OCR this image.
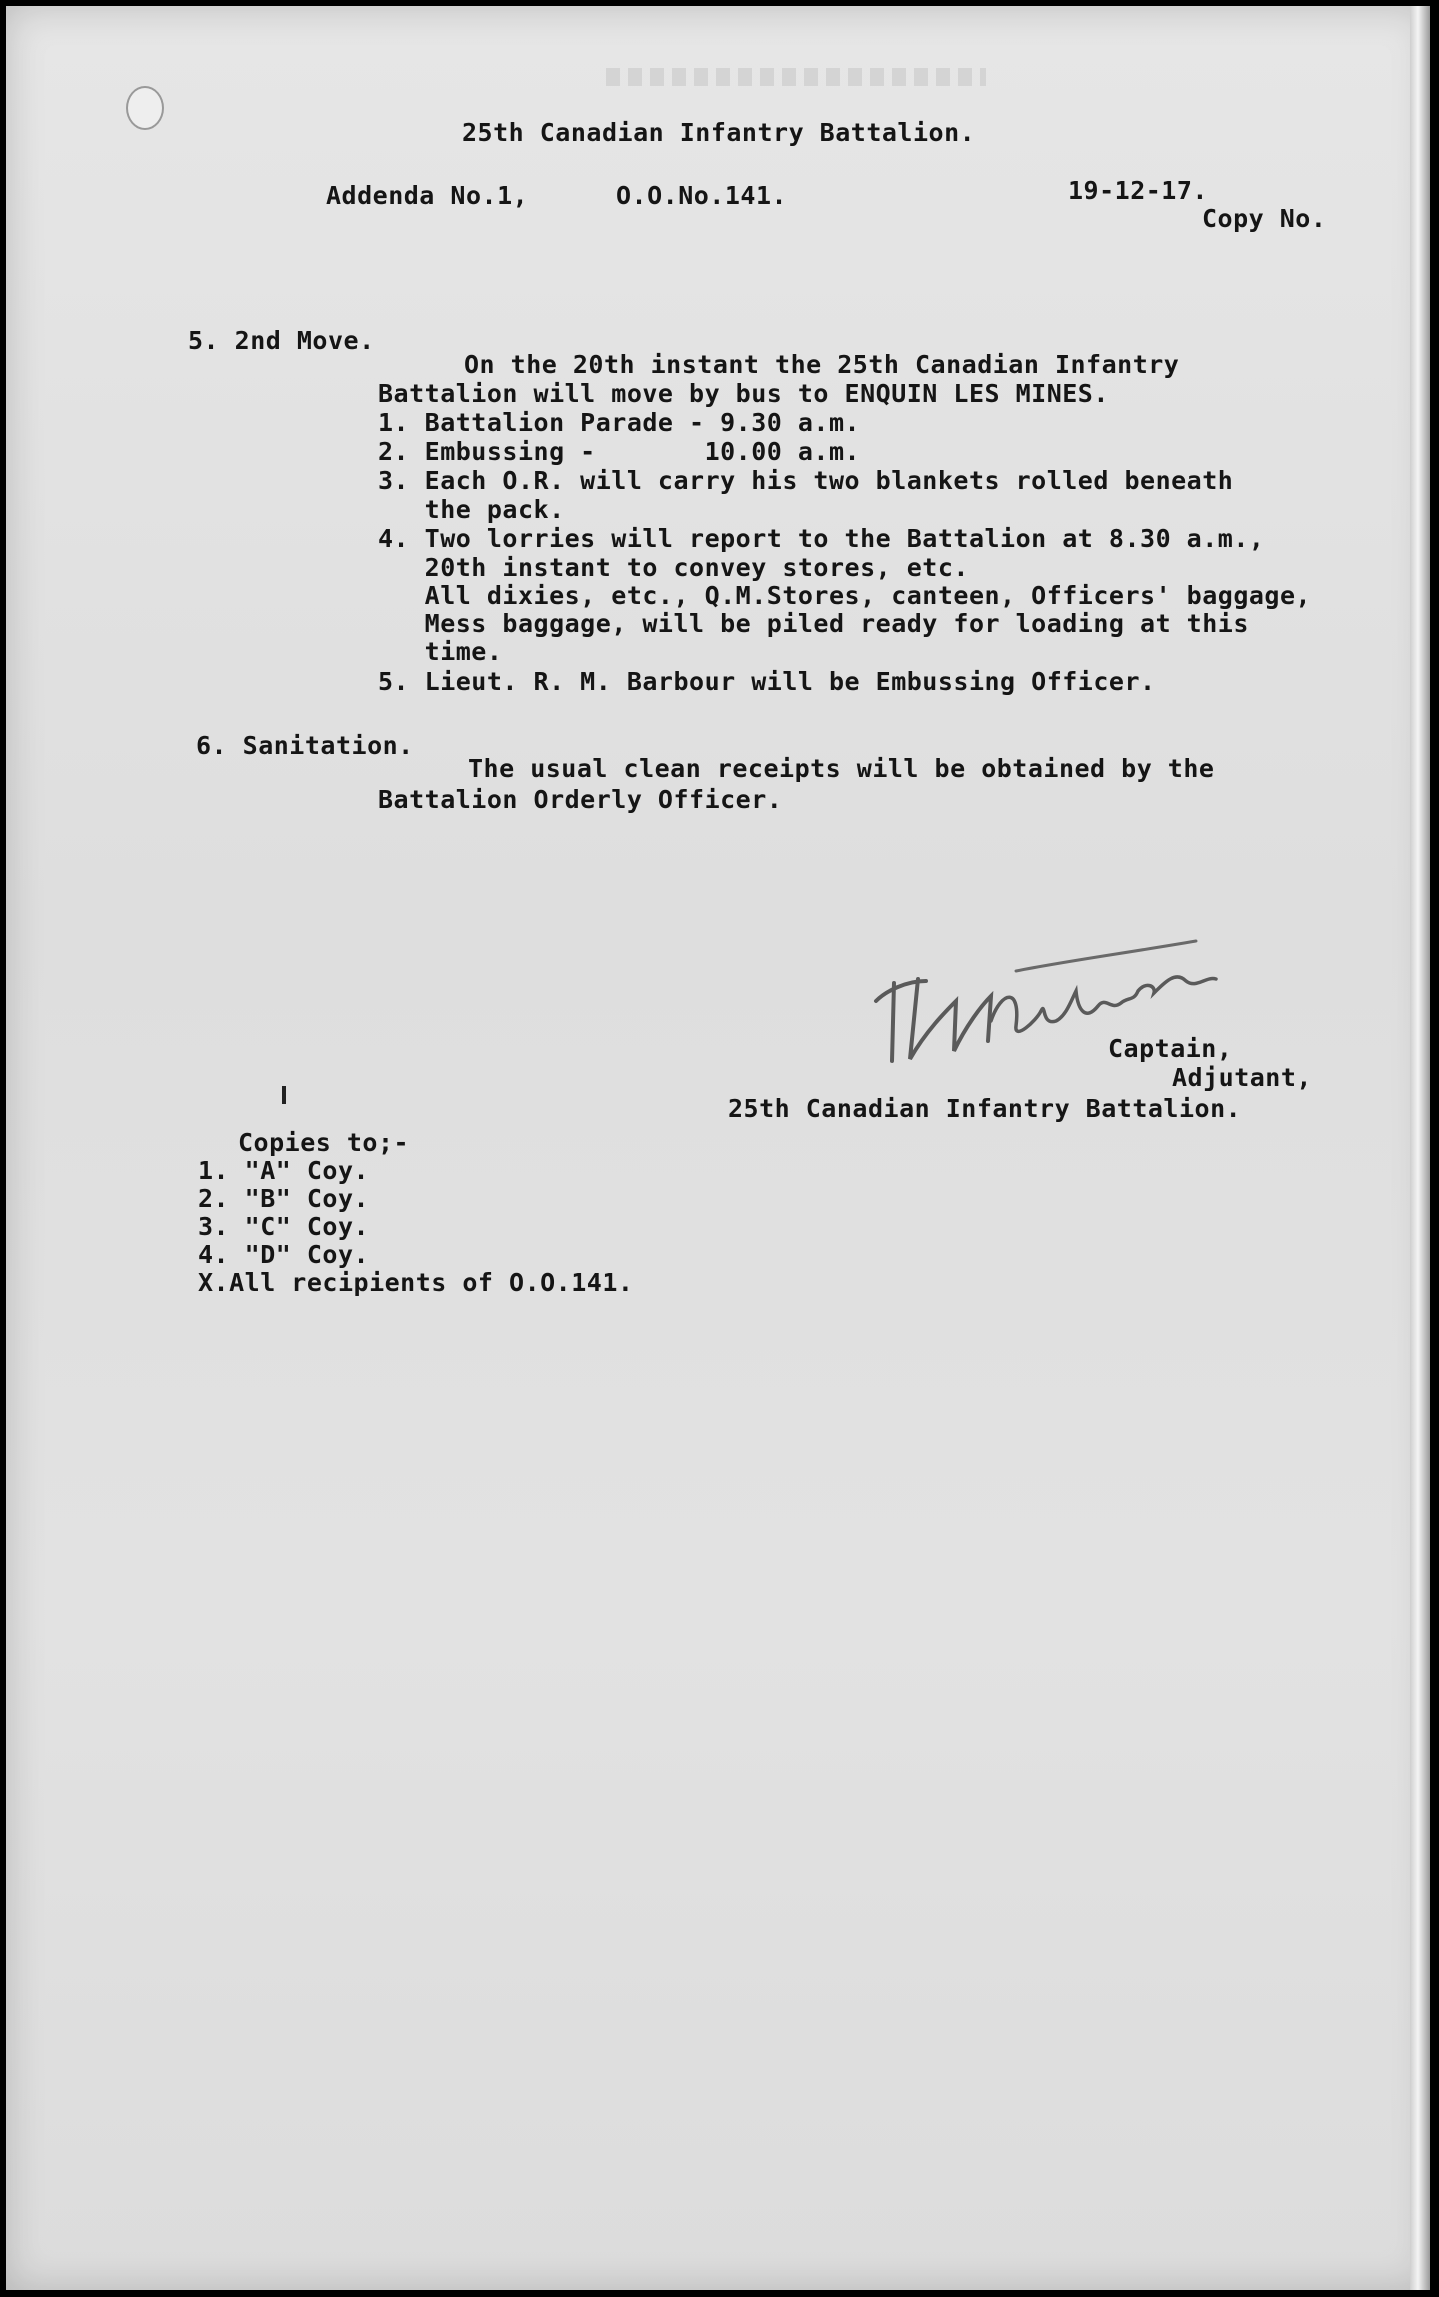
25th Canadian Infantry Battalion.
Addenda No.1,	O.O.No.141.	19-12-17.
Copy No.
5. 2nd Move.
On the 20th instant the 25th Canadian Infantry
Battalion will move by bus to ENQUIN LES MINES.
1. Battalion Parade - 9.30 a.m.
2. Embussing -       10.00 a.m.
3. Each O.R. will carry his two blankets rolled beneath
the pack.
4. Two lorries will report to the Battalion at 8.30 a.m.,
20th instant to convey stores, etc.
All dixies, etc., Q.M.Stores, canteen, Officers' baggage,
Mess baggage, will be piled ready for loading at this
time.
5. Lieut. R. M. Barbour will be Embussing Officer.
6. Sanitation.
The usual clean receipts will be obtained by the
Battalion Orderly Officer.
Captain,
Adjutant,
25th Canadian Infantry Battalion.
Copies to;-
1. "A" Coy.
2. "B" Coy.
3. "C" Coy.
4. "D" Coy.
X.All recipients of O.O.141.
